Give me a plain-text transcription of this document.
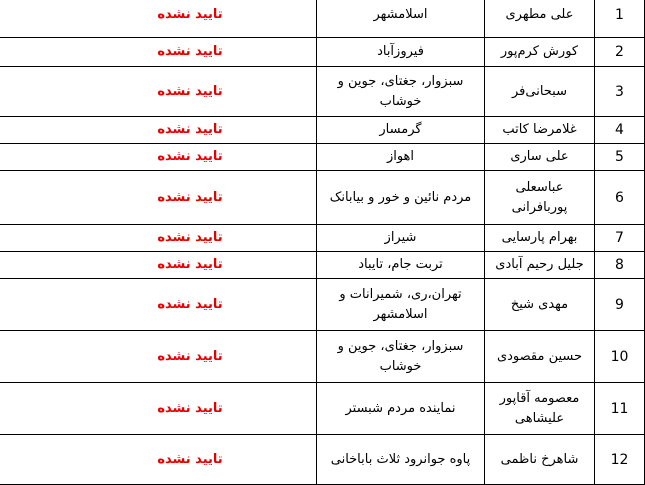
1	علی مطهری	اسلامشهر	تایید نشده
2	کورش کرم‌پور	فیروزآباد	تایید نشده
3	سبحانی‌فر	سبزوار، جغتای، جوین و خوشاب	تایید نشده
4	غلامرضا کاتب	گرمسار	تایید نشده
5	علی ساری	اهواز	تایید نشده
6	عباسعلی پوربافرانی	مردم نائین و خور و بیابانک	تایید نشده
7	بهرام پارسایی	شیراز	تایید نشده
8	جلیل رحیم آبادی	تربت جام، تایباد	تایید نشده
9	مهدی شیخ	تهران،ری، شمیرانات و اسلامشهر	تایید نشده
10	حسین مقصودی	سبزوار، جغتای، جوین و خوشاب	تایید نشده
11	معصومه آقاپور علیشاهی	نماینده مردم شبستر	تایید نشده
12	شاهرخ ناظمی	پاوه جوانرود ثلاث باباخانی	تایید نشده
